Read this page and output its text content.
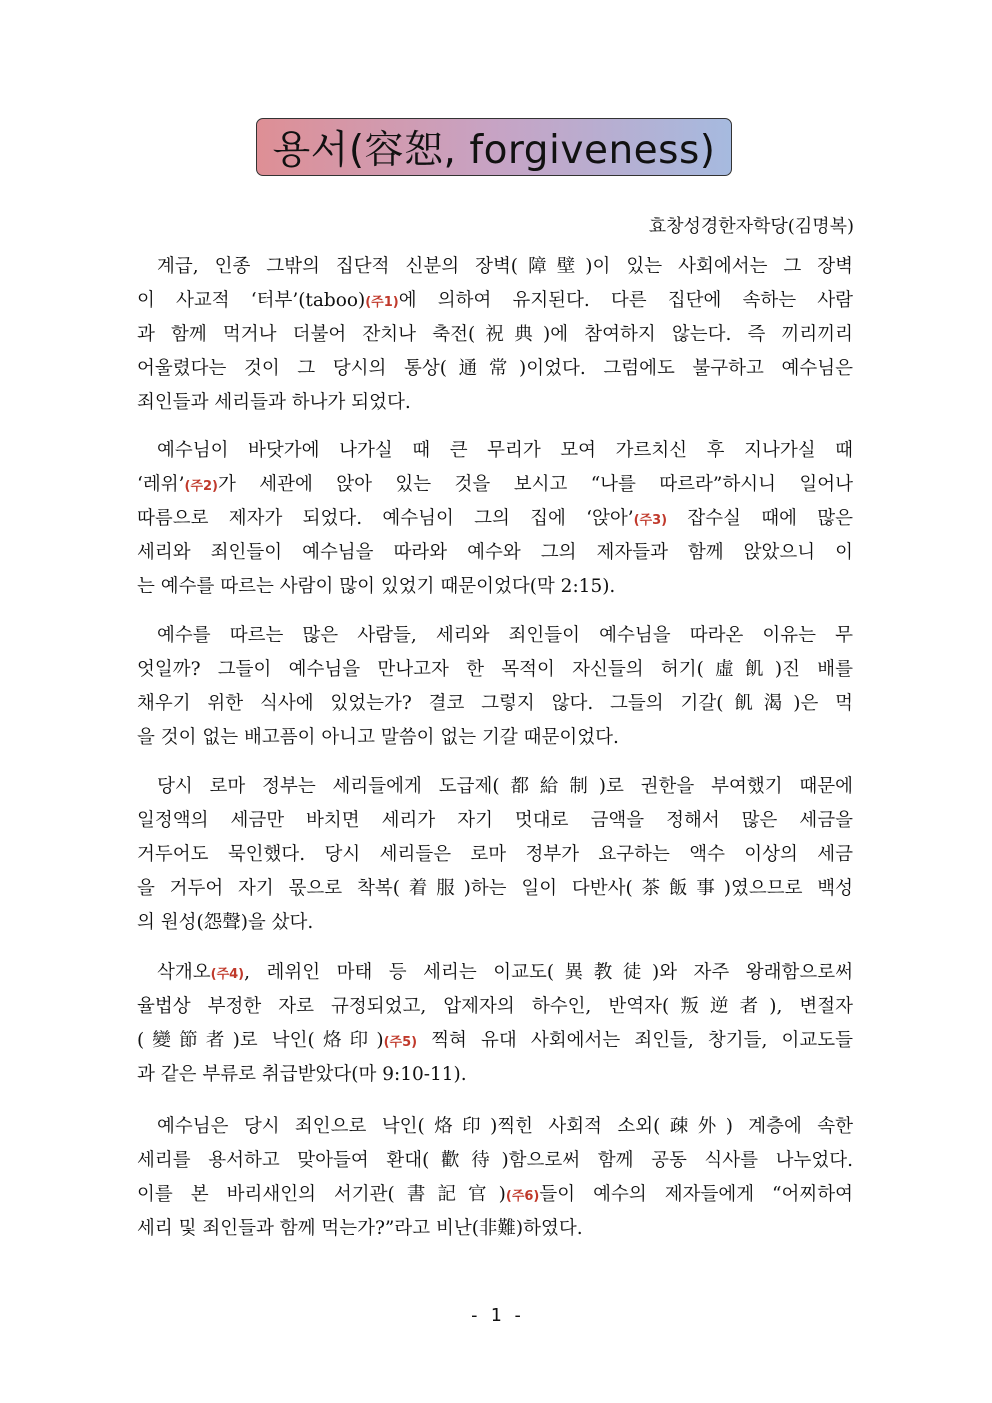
용서(容恕, forgiveness)
효창성경한자학당(김명복)
계급, 인종 그밖의 집단적 신분의 장벽(障壁)이 있는 사회에서는 그 장벽
이 사교적 ‘터부’(taboo)(주1)에 의하여 유지된다. 다른 집단에 속하는 사람
과 함께 먹거나 더불어 잔치나 축전(祝典)에 참여하지 않는다. 즉 끼리끼리
어울렸다는 것이 그 당시의 통상(通常)이었다. 그럼에도 불구하고 예수님은
죄인들과 세리들과 하나가 되었다.
예수님이 바닷가에 나가실 때 큰 무리가 모여 가르치신 후 지나가실 때
‘레위’(주2)가 세관에 앉아 있는 것을 보시고 “나를 따르라”하시니 일어나
따름으로 제자가 되었다. 예수님이 그의 집에 ‘앉아’(주3) 잡수실 때에 많은
세리와 죄인들이 예수님을 따라와 예수와 그의 제자들과 함께 앉았으니 이
는 예수를 따르는 사람이 많이 있었기 때문이었다(막 2:15).
예수를 따르는 많은 사람들, 세리와 죄인들이 예수님을 따라온 이유는 무
엇일까? 그들이 예수님을 만나고자 한 목적이 자신들의 허기(虛飢)진 배를
채우기 위한 식사에 있었는가? 결코 그렇지 않다. 그들의 기갈(飢渴)은 먹
을 것이 없는 배고픔이 아니고 말씀이 없는 기갈 때문이었다.
당시 로마 정부는 세리들에게 도급제(都給制)로 권한을 부여했기 때문에
일정액의 세금만 바치면 세리가 자기 멋대로 금액을 정해서 많은 세금을
거두어도 묵인했다. 당시 세리들은 로마 정부가 요구하는 액수 이상의 세금
을 거두어 자기 몫으로 착복(着服)하는 일이 다반사(茶飯事)였으므로 백성
의 원성(怨聲)을 샀다.
삭개오(주4), 레위인 마태 등 세리는 이교도(異教徒)와 자주 왕래함으로써
율법상 부정한 자로 규정되었고, 압제자의 하수인, 반역자(叛逆者), 변절자
(變節者)로 낙인(烙印)(주5) 찍혀 유대 사회에서는 죄인들, 창기들, 이교도들
과 같은 부류로 취급받았다(마 9:10-11).
예수님은 당시 죄인으로 낙인(烙印)찍힌 사회적 소외(疎外) 계층에 속한
세리를 용서하고 맞아들여 환대(歡待)함으로써 함께 공동 식사를 나누었다.
이를 본 바리새인의 서기관(書記官)(주6)들이 예수의 제자들에게 “어찌하여
세리 및 죄인들과 함께 먹는가?”라고 비난(非難)하였다.
- 1 -
